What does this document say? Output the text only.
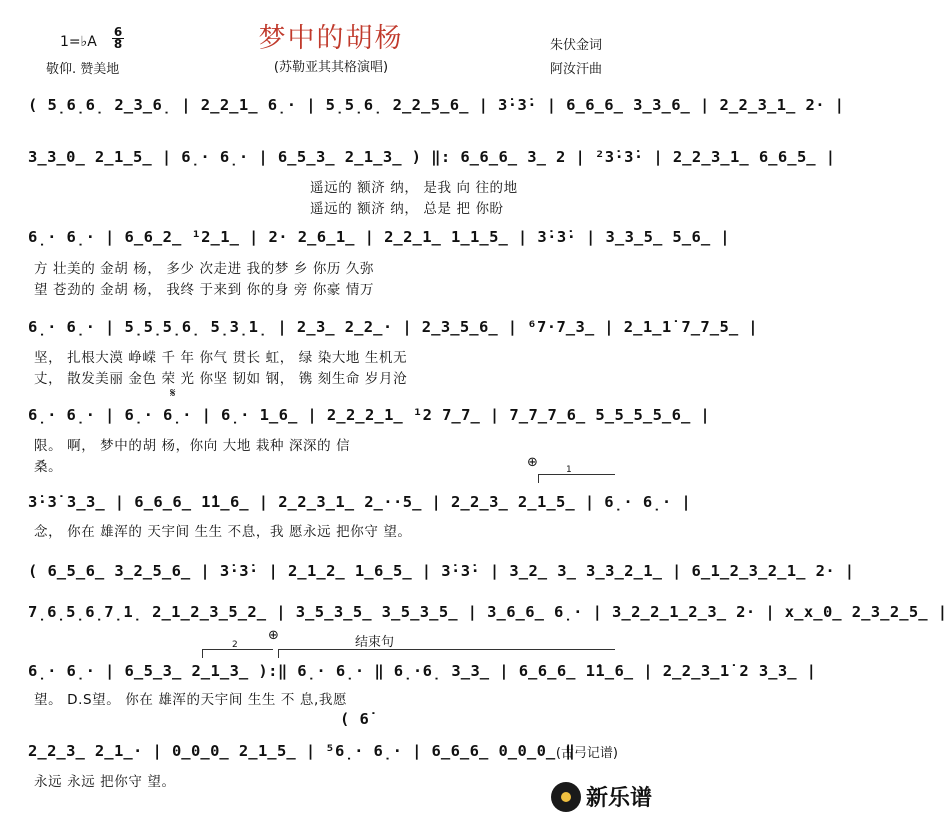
梦中的胡杨
(苏勒亚其其格演唱)
1=♭A
6
8
敬仰. 赞美地
朱伏金词
阿汝汗曲
( 5̣6̣6̣ 2̲3̲6̣ | 2̲2̲1̲ 6̣· | 5̣5̣6̣ 2̲2̲5̲6̲ | 3̇·3̇· | 6̲6̲6̲ 3̲3̲6̲ | 2̲2̲3̲1̲ 2· |
3̲3̲0̲ 2̲1̲5̲ | 6̣· 6̣· | 6̲5̲3̲ 2̲1̲3̲ ) ‖: 6̲6̲6̲ 3̲ 2 | ²3̇·3̇· | 2̲2̲3̲1̲ 6̲6̲5̲ |
遥远的 额济 纳， 是我 向 往的地
遥远的 额济 纳， 总是 把 你盼
6̣· 6̣· | 6̲6̲2̲ ¹2̲1̲ | 2· 2̲6̲1̲ | 2̲2̲1̲ 1̲1̲5̲ | 3̇·3̇· | 3̲3̲5̲ 5̲6̲ |
方 壮美的 金胡 杨， 多少 次走进 我的梦 乡 你历 久弥
望 苍劲的 金胡 杨， 我终 于来到 你的身 旁 你豪 情万
6̣· 6̣· | 5̣5̣5̣6̣ 5̣3̣1̣ | 2̲3̲ 2̲2̲· | 2̲3̲5̲6̲ | ⁶7·7̲3̲ | 2̲1̲1̇ 7̲7̲5̲ |
坚， 扎根大漠 峥嵘 千 年 你气 贯长 虹， 绿 染大地 生机无
丈， 散发美丽 金色 荣 光 你坚 韧如 钢， 镌 刻生命 岁月沧
𝄋
6̣· 6̣· | 6̣· 6̣· | 6̣· 1̲6̲ | 2̲2̲2̲1̲ ¹2 7̲7̲ | 7̲7̲7̲6̲ 5̲5̲5̲5̲6̲ |
限。 啊， 梦中的胡 杨，你向 大地 栽种 深深的 信
桑。	⊕	1
3̇·3̇ 3̲3̲ | 6̲6̲6̲ 1̇1̲6̲ | 2̲2̲3̲1̲ 2̲··5̲ | 2̲2̲3̲ 2̲1̲5̲ | 6̣· 6̣· |
念， 你在 雄浑的 天宇间 生生 不息，我 愿永远 把你守 望。
( 6̲5̲6̲ 3̲2̲5̲6̲ | 3̇·3̇· | 2̲1̲2̲ 1̲6̲5̲ | 3̇·3̇· | 3̲2̲ 3̲ 3̲3̲2̲1̲ | 6̲1̲2̲3̲2̲1̲ 2· |
7̣6̣5̣6̣7̣1̣ 2̲1̲2̲3̲5̲2̲ | 3̲5̲3̲5̲ 3̲5̲3̲5̲ | 3̲6̲6̲ 6̣· | 3̲2̲2̲1̲2̲3̲ 2· | x̲x̲0̲ 2̲3̲2̲5̲ |
2
⊕	结束句
6̣· 6̣· | 6̲5̲3̲ 2̲1̲3̲ ):‖ 6̣· 6̣· ‖ 6̣·6̣ 3̲3̲ | 6̲6̲6̲ 1̇1̲6̲ | 2̲2̲3̲1̇ 2 3̲3̲ |
望。 D.S望。 你在 雄浑的天宇间 生生 不 息,我愿
( 6̇
2̲2̲3̲ 2̲1̲· | 0̲0̲0̲ 2̲1̲5̲ | ⁵6̣· 6̣· | 6̲6̲6̲ 0̲0̲0̲ ‖
永远 永远 把你守 望。
(古弓记谱)
新乐谱
